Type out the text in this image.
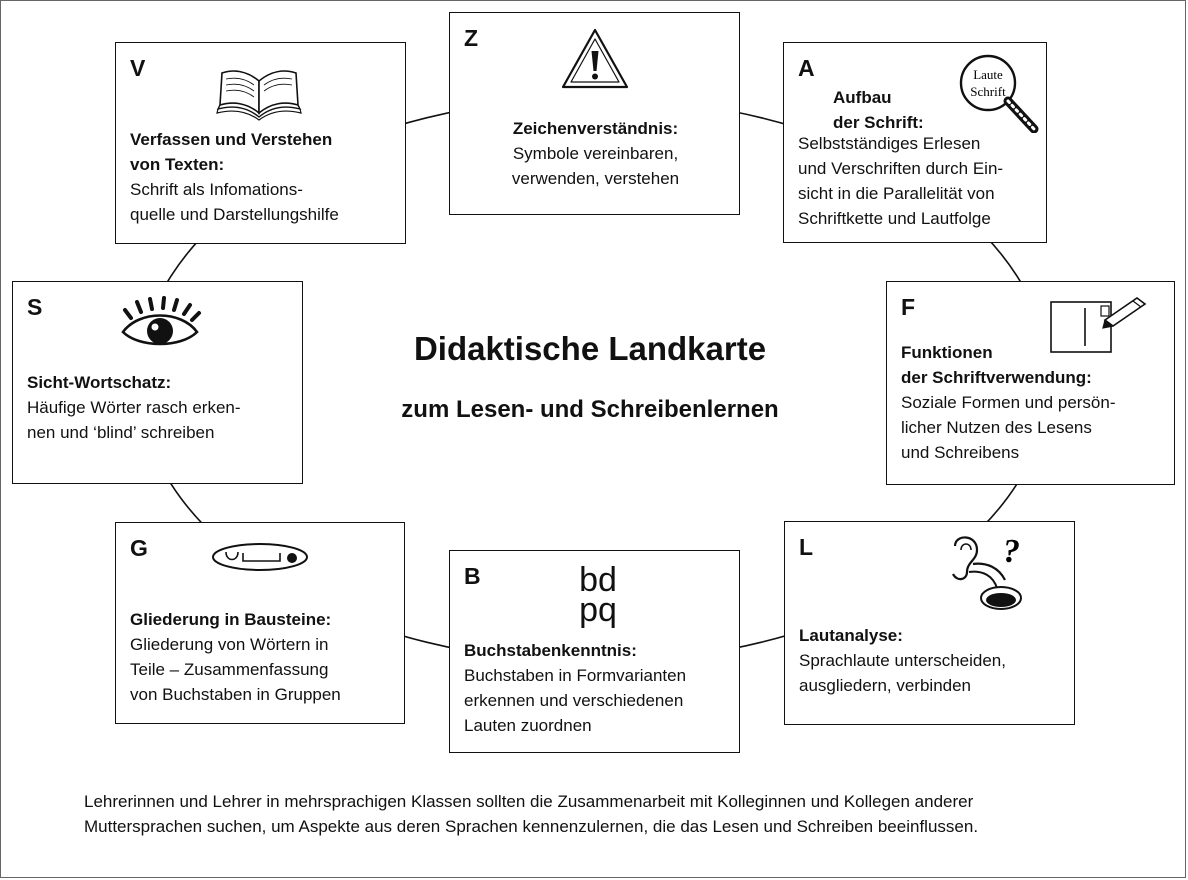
V
Verfassen und Verstehen
von Texten:
Schrift als Infomations-
quelle und Darstellungshilfe
Z
Zeichenverständnis:
Symbole vereinbaren,
verwenden, verstehen
A	Laute
Schrift
Aufbau
der Schrift:
Selbstständiges Erlesen
und Verschriften durch Ein-
sicht in die Parallelität von
Schriftkette und Lautfolge
S
Sicht-Wortschatz:
Häufige Wörter rasch erken-
nen und ‘blind’ schreiben
F
Funktionen
der Schriftverwendung:
Soziale Formen und persön-
licher Nutzen des Lesens
und Schreibens
G
Gliederung in Bausteine:
Gliederung von Wörtern in
Teile – Zusammenfassung
von Buchstaben in Gruppen
B	bd
pq
Buchstabenkenntnis:
Buchstaben in Formvarianten
erkennen und verschiedenen
Lauten zuordnen
L	?
Lautanalyse:
Sprachlaute unterscheiden,
ausgliedern, verbinden
Didaktische Landkarte
zum Lesen- und Schreibenlernen
Lehrerinnen und Lehrer in mehrsprachigen Klassen sollten die Zusammenarbeit mit Kolleginnen und Kollegen anderer
Muttersprachen suchen, um Aspekte aus deren Sprachen kennenzulernen, die das Lesen und Schreiben beeinflussen.
